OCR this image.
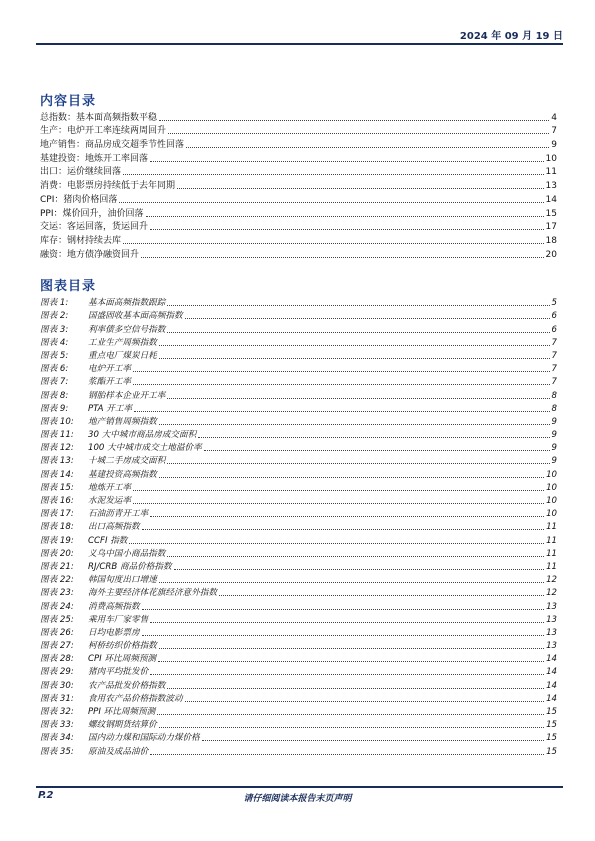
2024 年 09 月 19 日
内容目录
总指数：基本面高频指数平稳	4
生产：电炉开工率连续两周回升	7
地产销售：商品房成交超季节性回落	9
基建投资：地炼开工率回落	10
出口：运价继续回落	11
消费：电影票房持续低于去年同期	13
CPI：猪肉价格回落	14
PPI：煤价回升，油价回落	15
交运：客运回落，货运回升	17
库存：钢材持续去库	18
融资：地方债净融资回升	20
图表目录
图表 1:	基本面高频指数跟踪	5
图表 2:	国盛固收基本面高频指数	6
图表 3:	利率债多空信号指数	6
图表 4:	工业生产周频指数	7
图表 5:	重点电厂煤炭日耗	7
图表 6:	电炉开工率	7
图表 7:	浆酯开工率	7
图表 8:	钢胎样本企业开工率	8
图表 9:	PTA 开工率	8
图表 10:	地产销售周频指数	9
图表 11:	30 大中城市商品房成交面积	9
图表 12:	100 大中城市成交土地溢价率	9
图表 13:	十城二手房成交面积	9
图表 14:	基建投资高频指数	10
图表 15:	地炼开工率	10
图表 16:	水泥发运率	10
图表 17:	石油沥青开工率	10
图表 18:	出口高频指数	11
图表 19:	CCFI 指数	11
图表 20:	义乌中国小商品指数	11
图表 21:	RJ/CRB 商品价格指数	11
图表 22:	韩国旬度出口增速	12
图表 23:	海外主要经济体花旗经济意外指数	12
图表 24:	消费高频指数	13
图表 25:	乘用车厂家零售	13
图表 26:	日均电影票房	13
图表 27:	柯桥纺织价格指数	13
图表 28:	CPI 环比周频预测	14
图表 29:	猪肉平均批发价	14
图表 30:	农产品批发价格指数	14
图表 31:	食用农产品价格指数波动	14
图表 32:	PPI 环比周频预测	15
图表 33:	螺纹钢期货结算价	15
图表 34:	国内动力煤和国际动力煤价格	15
图表 35:	原油及成品油价	15
P.2	请仔细阅读本报告末页声明
